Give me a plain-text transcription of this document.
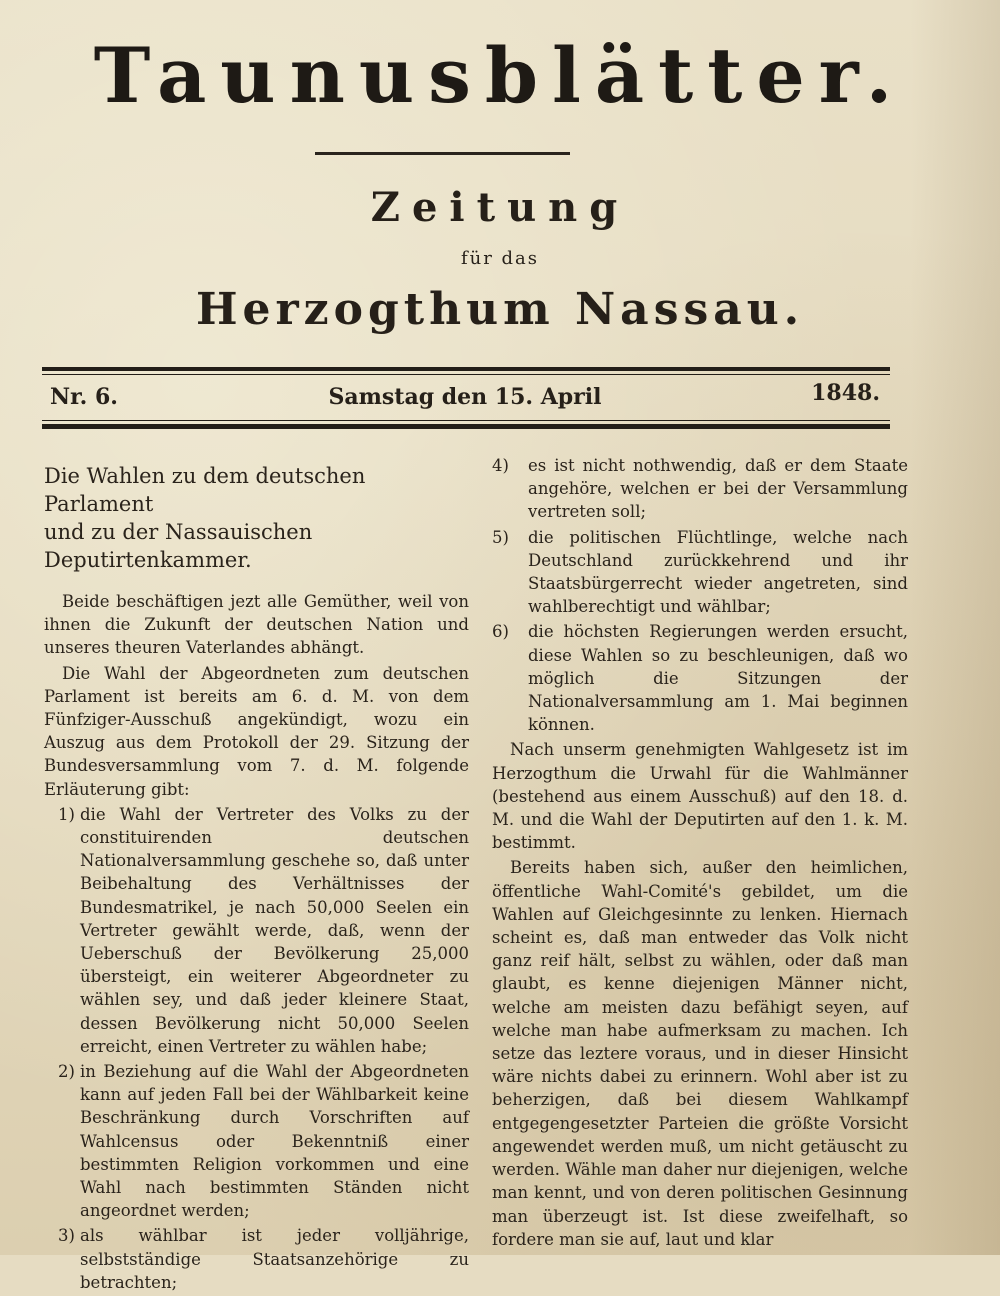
Taunusblätter.
Zeitung
für das
Herzogthum Nassau.
Nr. 6.	Samstag den 15. April	1848.
Die Wahlen zu dem deutschen Parlament
und zu der Nassauischen Deputirtenkammer.

Beide beschäftigen jezt alle Gemüther, weil von ihnen die Zukunft der deutschen Nation und unseres theuren Vaterlandes abhängt.

Die Wahl der Abgeordneten zum deutschen Parlament ist bereits am 6. d. M. von dem Fünfziger-Ausschuß angekündigt, wozu ein Auszug aus dem Protokoll der 29. Sitzung der Bundesversammlung vom 7. d. M. folgende Erläuterung gibt:

1) die Wahl der Vertreter des Volks zu der constituirenden deutschen Nationalversammlung geschehe so, daß unter Beibehaltung des Verhältnisses der Bundesmatrikel, je nach 50,000 Seelen ein Vertreter gewählt werde, daß, wenn der Ueberschuß der Bevölkerung 25,000 übersteigt, ein weiterer Abgeordneter zu wählen sey, und daß jeder kleinere Staat, dessen Bevölkerung nicht 50,000 Seelen erreicht, einen Vertreter zu wählen habe;
2) in Beziehung auf die Wahl der Abgeordneten kann auf jeden Fall bei der Wählbarkeit keine Beschränkung durch Vorschriften auf Wahlcensus oder Bekenntniß einer bestimmten Religion vorkommen und eine Wahl nach bestimmten Ständen nicht angeordnet werden;
3) als wählbar ist jeder volljährige, selbstständige Staatsanzehörige zu betrachten;
4) es ist nicht nothwendig, daß er dem Staate angehöre, welchen er bei der Versammlung vertreten soll;
5) die politischen Flüchtlinge, welche nach Deutschland zurückkehrend und ihr Staatsbürgerrecht wieder angetreten, sind wahlberechtigt und wählbar;
6) die höchsten Regierungen werden ersucht, diese Wahlen so zu beschleunigen, daß wo möglich die Sitzungen der Nationalversammlung am 1. Mai beginnen können.

Nach unserm genehmigten Wahlgesetz ist im Herzogthum die Urwahl für die Wahlmänner (bestehend aus einem Ausschuß) auf den 18. d. M. und die Wahl der Deputirten auf den 1. k. M. bestimmt.

Bereits haben sich, außer den heimlichen, öffentliche Wahl-Comité's gebildet, um die Wahlen auf Gleichgesinnte zu lenken. Hiernach scheint es, daß man entweder das Volk nicht ganz reif hält, selbst zu wählen, oder daß man glaubt, es kenne diejenigen Männer nicht, welche am meisten dazu befähigt seyen, auf welche man habe aufmerksam zu machen. Ich setze das leztere voraus, und in dieser Hinsicht wäre nichts dabei zu erinnern. Wohl aber ist zu beherzigen, daß bei diesem Wahlkampf entgegengesetzter Parteien die größte Vorsicht angewendet werden muß, um nicht getäuscht zu werden. Wähle man daher nur diejenigen, welche man kennt, und von deren politischen Gesinnung man überzeugt ist. Ist diese zweifelhaft, so fordere man sie auf, laut und klar
